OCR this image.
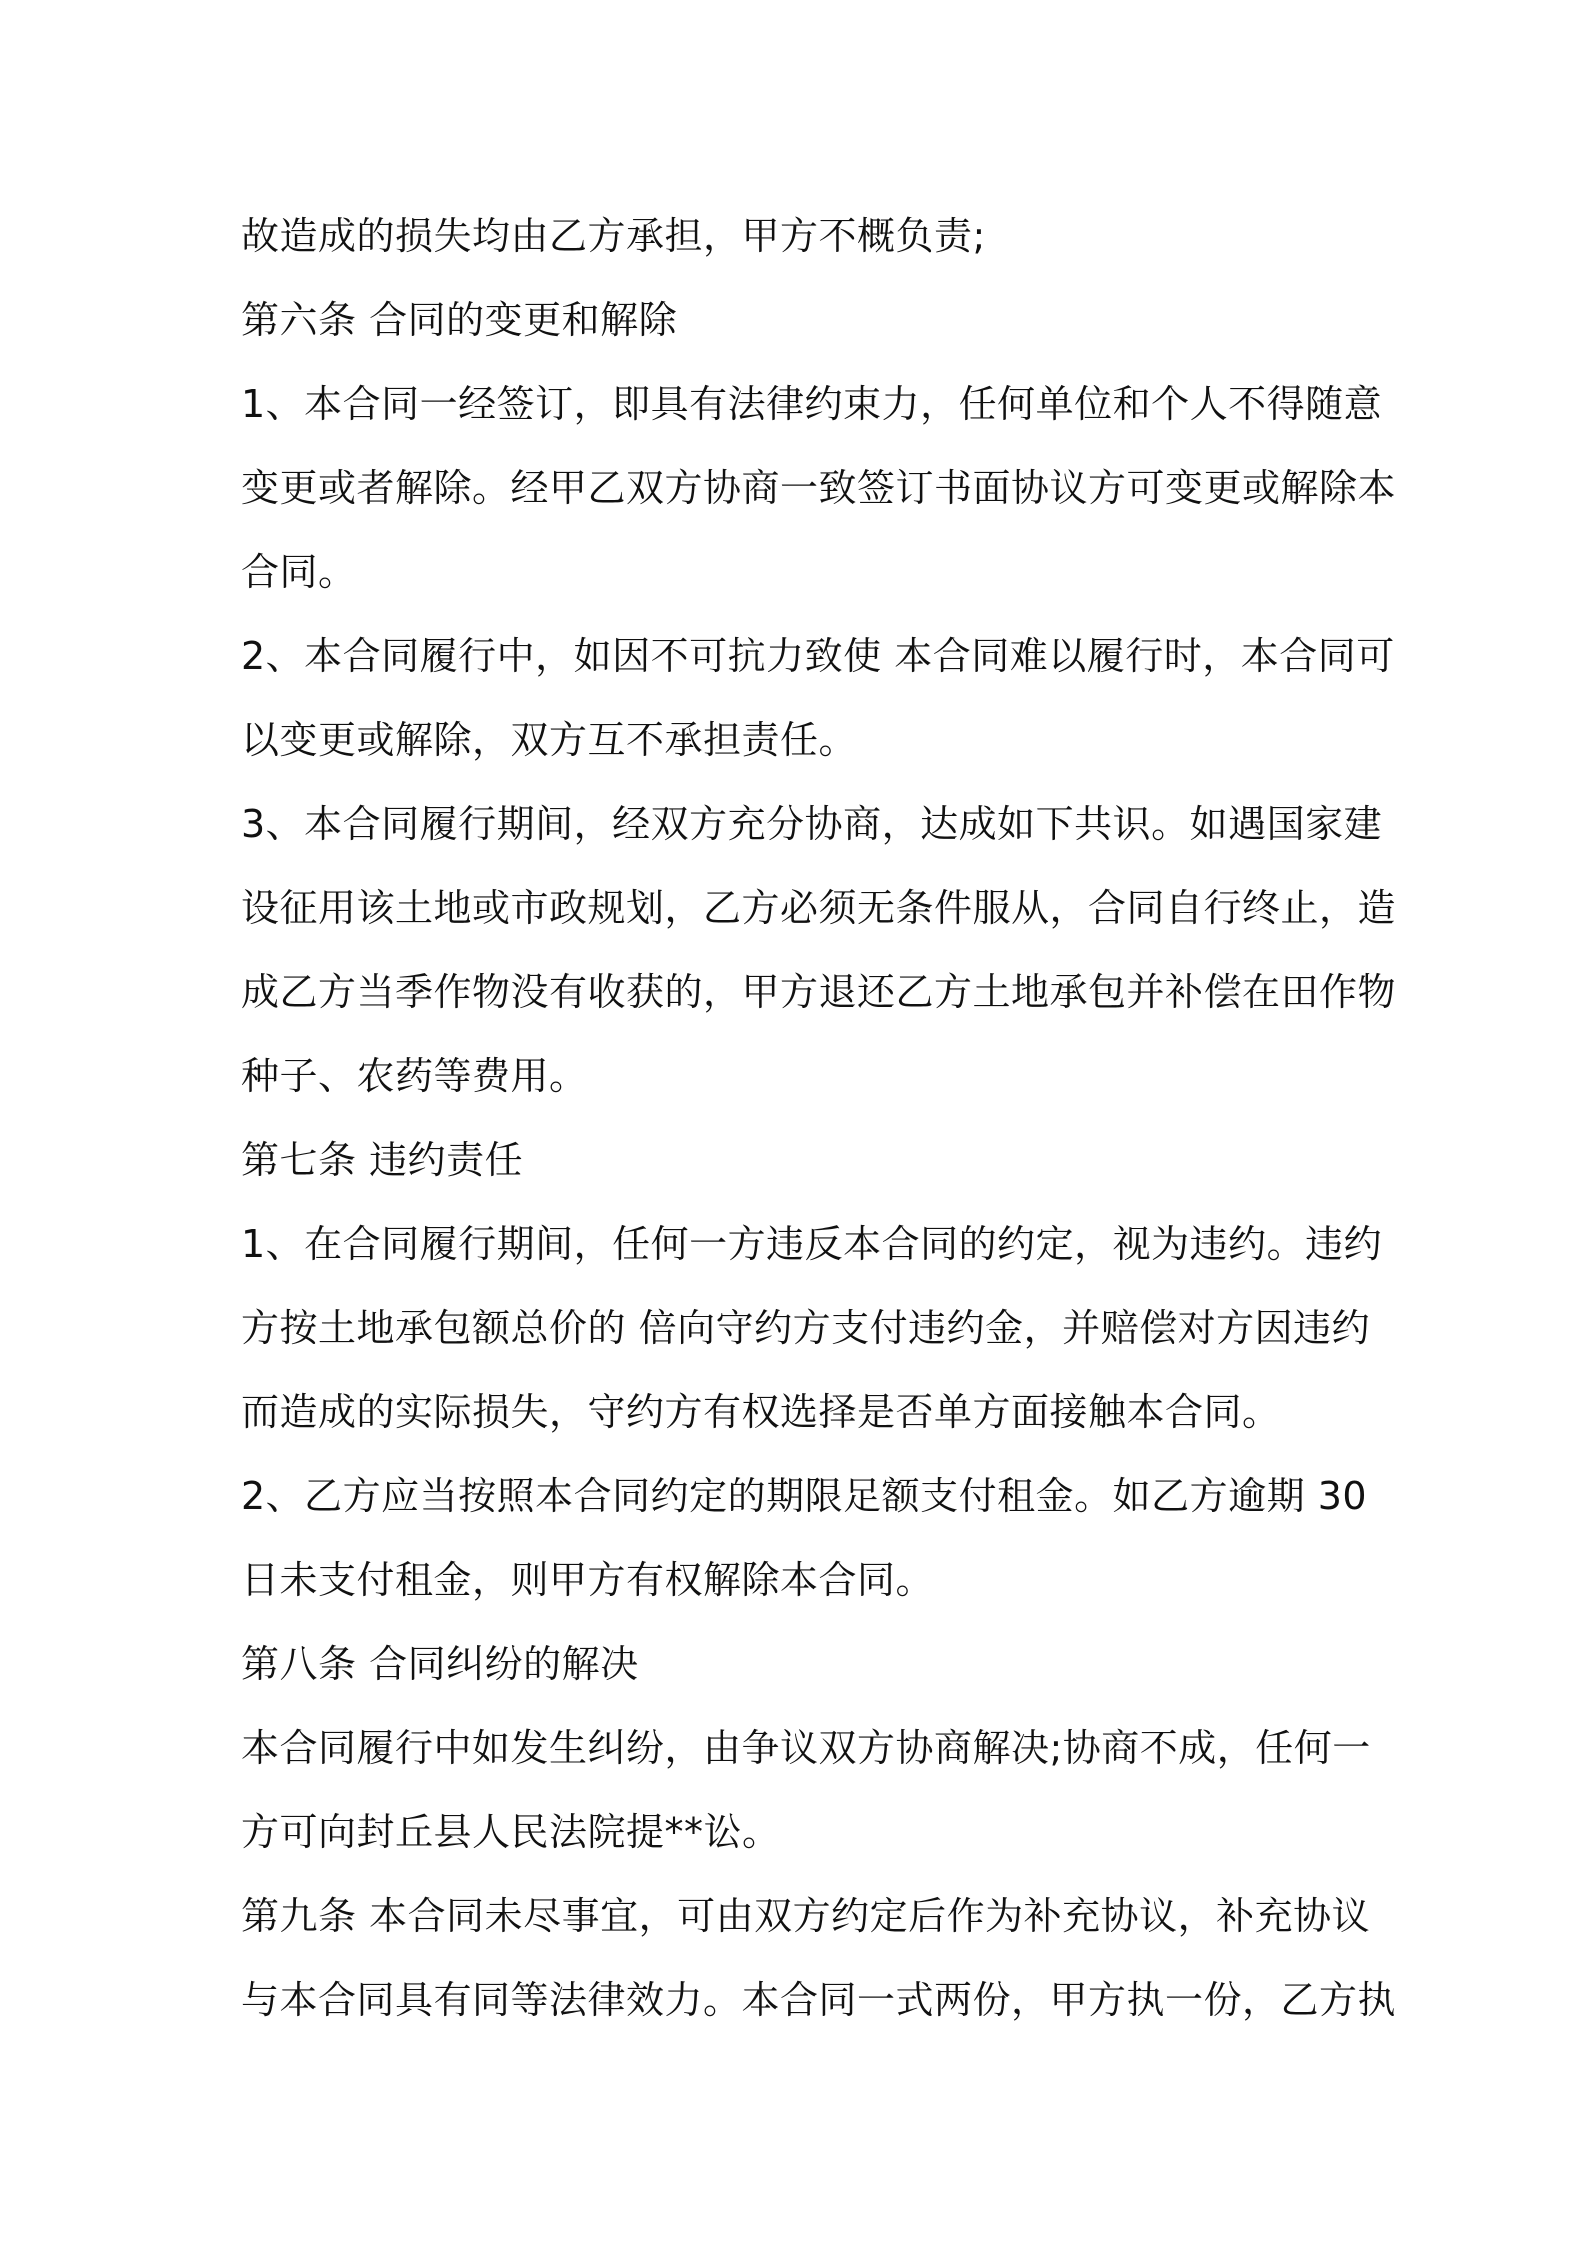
故造成的损失均由乙方承担，甲方不概负责;
第六条 合同的变更和解除
1、本合同一经签订，即具有法律约束力，任何单位和个人不得随意
变更或者解除。经甲乙双方协商一致签订书面协议方可变更或解除本
合同。
2、本合同履行中，如因不可抗力致使 本合同难以履行时，本合同可
以变更或解除，双方互不承担责任。
3、本合同履行期间，经双方充分协商，达成如下共识。如遇国家建
设征用该土地或市政规划，乙方必须无条件服从，合同自行终止，造
成乙方当季作物没有收获的，甲方退还乙方土地承包并补偿在田作物
种子、农药等费用。
第七条 违约责任
1、在合同履行期间，任何一方违反本合同的约定，视为违约。违约
方按土地承包额总价的 倍向守约方支付违约金，并赔偿对方因违约
而造成的实际损失，守约方有权选择是否单方面接触本合同。
2、乙方应当按照本合同约定的期限足额支付租金。如乙方逾期 30
日未支付租金，则甲方有权解除本合同。
第八条 合同纠纷的解决
本合同履行中如发生纠纷，由争议双方协商解决;协商不成，任何一
方可向封丘县人民法院提**讼。
第九条 本合同未尽事宜，可由双方约定后作为补充协议，补充协议
与本合同具有同等法律效力。本合同一式两份，甲方执一份，乙方执
